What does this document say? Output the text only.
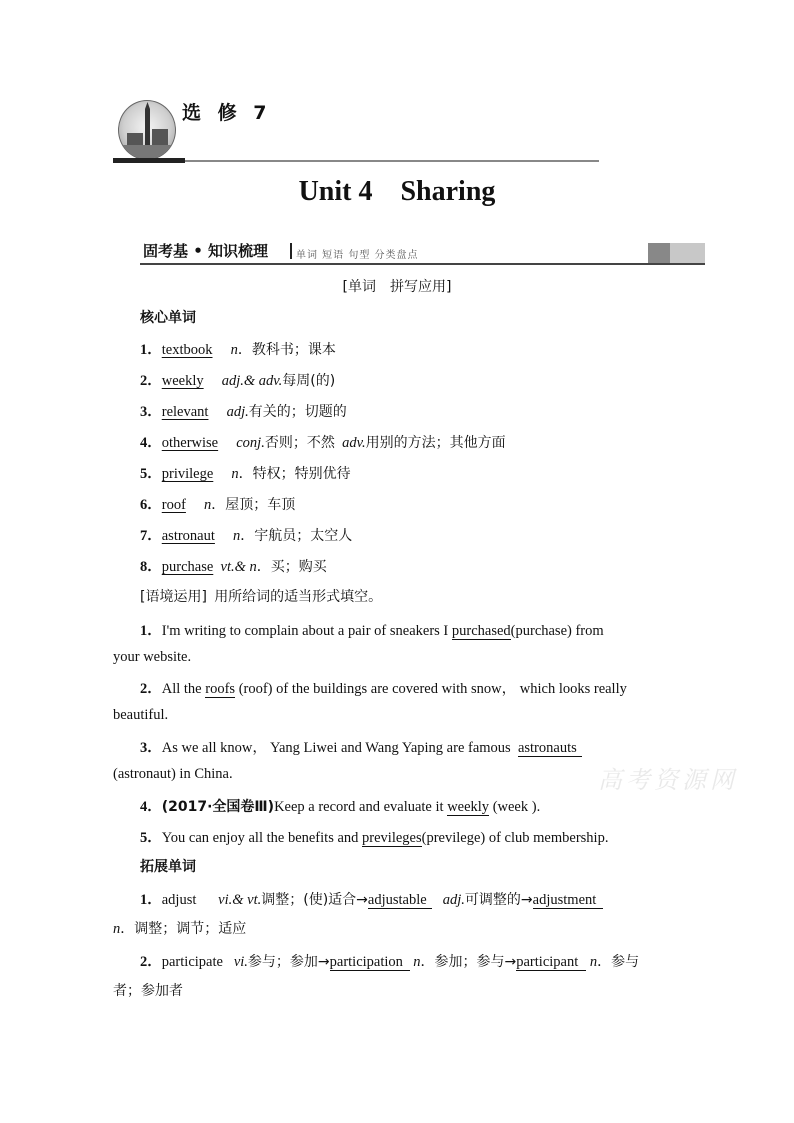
选 修 7
Unit 4 Sharing
固考基 • 知识梳理	单词 短语 句型 分类盘点
[单词　拼写应用]
核心单词
1．textbook n．教科书；课本
2．weekly adj.& adv.每周(的)
3．relevant adj.有关的；切题的
4．otherwise conj.否则；不然 adv.用别的方法；其他方面
5．privilege n．特权；特别优待
6．roof n．屋顶；车顶
7．astronaut n．宇航员；太空人
8．purchase vt.& n．买；购买
[语境运用] 用所给词的适当形式填空。
1．I'm writing to complain about a pair of sneakers I purchased(purchase) from
your website.
2．All the roofs (roof) of the buildings are covered with snow， which looks really
beautiful.
3．As we all know， Yang Liwei and Wang Yaping are famous astronauts
(astronaut) in China.
4．(2017·全国卷Ⅲ)Keep a record and evaluate it weekly (week ).
5．You can enjoy all the benefits and previleges(previlege) of club membership.
拓展单词
1．adjust vi.& vt.调整；(使)适合→adjustable adj.可调整的→adjustment
n．调整；调节；适应
2．participate vi.参与；参加→participation n．参加；参与→participant n．参与
者；参加者
高考资源网
